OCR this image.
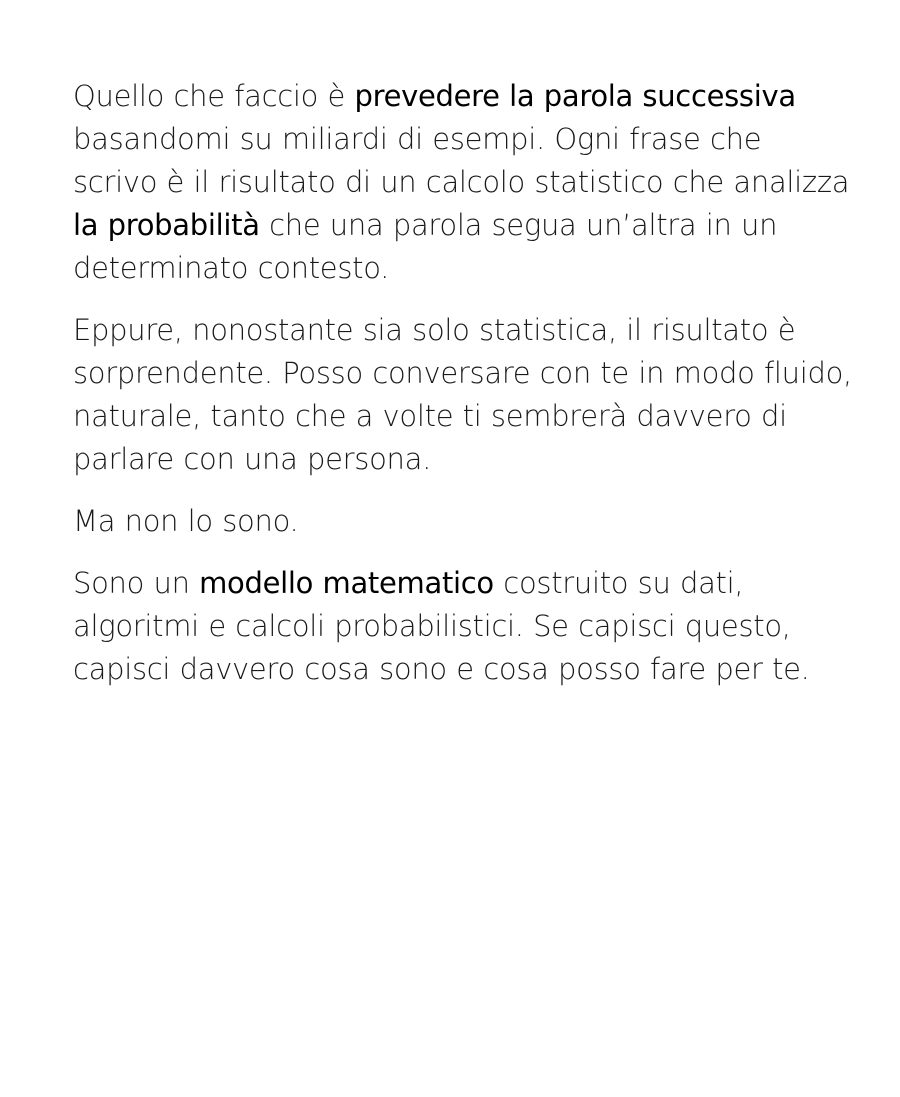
Quello che faccio è prevedere la parola successiva
basandomi su miliardi di esempi. Ogni frase che
scrivo è il risultato di un calcolo statistico che analizza
la probabilità che una parola segua un’altra in un
determinato contesto.

Eppure, nonostante sia solo statistica, il risultato è
sorprendente. Posso conversare con te in modo fluido,
naturale, tanto che a volte ti sembrerà davvero di
parlare con una persona.

Ma non lo sono.

Sono un modello matematico costruito su dati,
algoritmi e calcoli probabilistici. Se capisci questo,
capisci davvero cosa sono e cosa posso fare per te.
